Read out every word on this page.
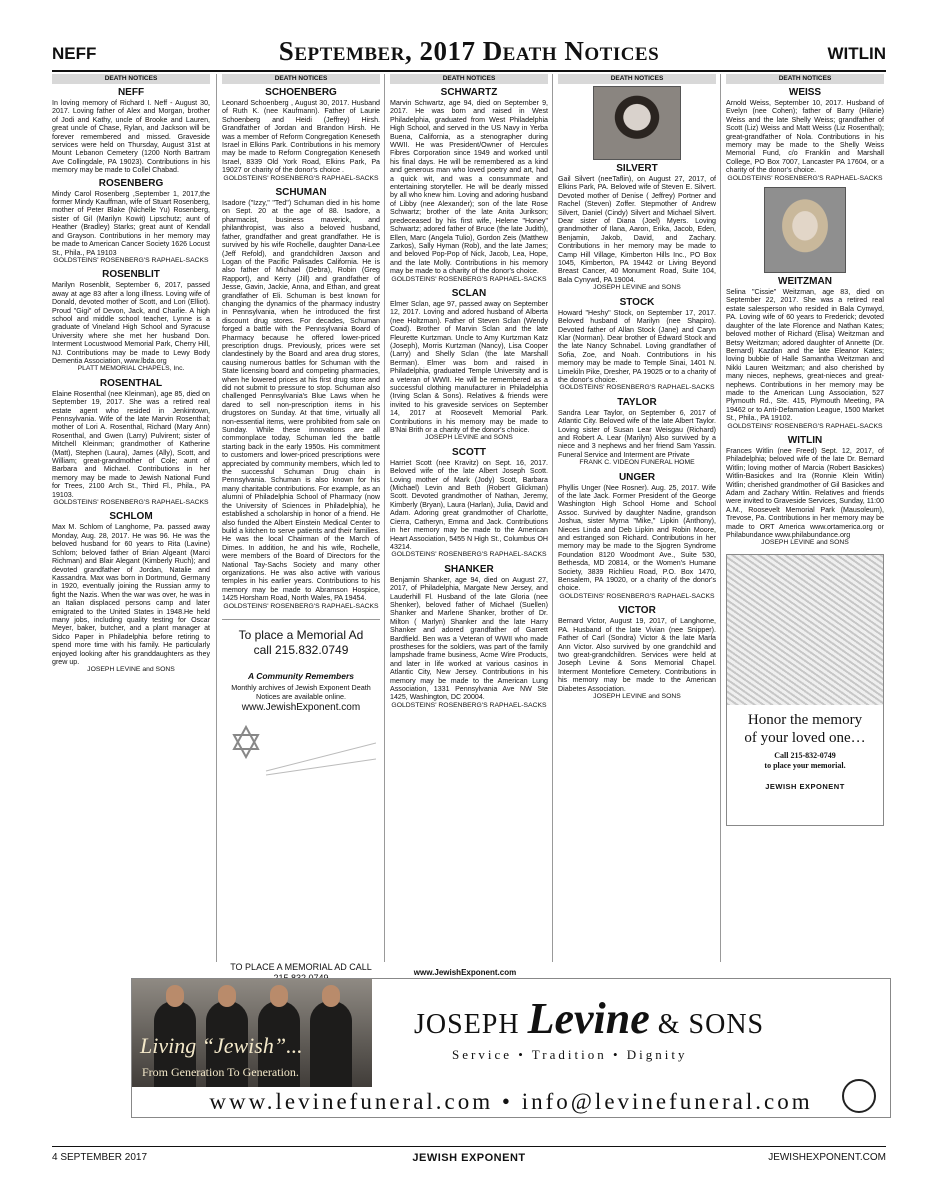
NEFF	September, 2017 Death Notices	WITLIN
DEATH NOTICES
NEFF

In loving memory of Richard I. Neff - August 30, 2017. Loving father of Alex and Morgan, brother of Jodi and Kathy, uncle of Brooke and Lauren, great uncle of Chase, Rylan, and Jackson will be forever remembered and missed. Graveside services were held on Thursday, August 31st at Mount Lebanon Cemetery (1200 North Bartram Ave Collingdale, PA 19023). Contributions in his memory may be made to Collel Chabad.

ROSENBERG

Mindy Carol Rosenberg ,September 1, 2017,the former Mindy Kauffman, wife of Stuart Rosenberg, mother of Peter Blake (Nichelle Yu) Rosenberg, sister of Gil (Marilyn Kowit) Lipschutz; aunt of Heather (Bradley) Starks; great aunt of Kendall and Grayson. Contributions in her memory may be made to American Cancer Society 1626 Locust St., Phila., PA 19103

GOLDSTEINS' ROSENBERG'S RAPHAEL-SACKS

ROSENBLIT

Marilyn Rosenblit, September 6, 2017, passed away at age 83 after a long illness. Loving wife of Donald, devoted mother of Scott, and Lori (Elliot). Proud "Gigi" of Devon, Jack, and Charlie. A high school and middle school teacher, Lynne is a graduate of Vineland High School and Syracuse University where she met her husband Don. Interment Locustwood Memorial Park, Cherry Hill, NJ. Contributions may be made to Lewy Body Dementia Association, www.lbda.org

PLATT MEMORIAL CHAPELS, Inc.

ROSENTHAL

Elaine Rosenthal (nee Kleinman), age 85, died on September 19, 2017. She was a retired real estate agent who resided in Jenkintown, Pennsylvania. Wife of the late Marvin Rosenthal; mother of Lori A. Rosenthal, Richard (Mary Ann) Rosenthal, and Gwen (Larry) Pulvirent; sister of Mitchell Kleinman; grandmother of Katherine (Matt), Stephen (Laura), James (Ally), Scott, and William; great-grandmother of Cole; aunt of Barbara and Michael. Contributions in her memory may be made to Jewish National Fund for Trees, 2100 Arch St., Third Fl., Phila., PA 19103.

GOLDSTEINS' ROSENBERG'S RAPHAEL-SACKS

SCHLOM

Max M. Schlom of Langhorne, Pa. passed away Monday, Aug. 28, 2017. He was 96. He was the beloved husband for 60 years to Rita (Lavine) Schlom; beloved father of Brian Algeant (Marci Richman) and Blair Alegant (Kimberly Ruch); and devoted grandfather of Jordan, Natalie and Kassandra. Max was born in Dortmund, Germany in 1920, eventually joining the Russian army to fight the Nazis. When the war was over, he was in an Italian displaced persons camp and later emigrated to the United States in 1948.He held many jobs, including quality testing for Oscar Meyer, baker, butcher, and a plant manager at Sidco Paper in Philadelphia before retiring to spend more time with his family. He particularly enjoyed looking after his granddaughters as they grew up.

JOSEPH LEVINE and SONS

DEATH NOTICES
SCHOENBERG

Leonard Schoenberg , August 30, 2017. Husband of Ruth K. (nee Kaufmann). Father of Laurie Schoenberg and Heidi (Jeffrey) Hirsh. Grandfather of Jordan and Brandon Hirsh. He was a member of Reform Congregation Keneseth Israel in Elkins Park. Contributions in his memory may be made to Reform Congregation Keneseth Israel, 8339 Old York Road, Elkins Park, Pa 19027 or charity of the donor's choice .

GOLDSTEINS' ROSENBERG'S RAPHAEL-SACKS

SCHUMAN

Isadore ("Izzy," "Ted") Schuman died in his home on Sept. 20 at the age of 88. Isadore, a pharmacist, business maverick, and philanthropist, was also a beloved husband, father, grandfather and great grandfather. He is survived by his wife Rochelle, daughter Dana-Lee (Jeff Refold), and grandchildren Jaxson and Logan of the Pacific Palisades California. He is also father of Michael (Debra), Robin (Greg Rapport), and Kerry (Jill) and grandfather of Jesse, Gavin, Jackie, Anna, and Ethan, and great grandfather of Eli. Schuman is best known for changing the dynamics of the pharmacy industry in Pennsylvania, when he introduced the first discount drug stores. For decades, Schuman forged a battle with the Pennsylvania Board of Pharmacy because he offered lower-priced prescription drugs. Previously, prices were set clandestinely by the Board and area drug stores, causing numerous battles for Schuman with the State licensing board and competing pharmacies, when he lowered prices at his first drug store and did not submit to pressure to stop. Schuman also challenged Pennsylvania's Blue Laws when he dared to sell non-prescription items in his drugstores on Sunday. At that time, virtually all non-essential items, were prohibited from sale on Sunday. While these innovations are all commonplace today, Schuman led the battle starting back in the early 1950s. His commitment to customers and lower-priced prescriptions were appreciated by community members, which led to the successful Schuman Drug chain in Pennsylvania. Schuman is also known for his many charitable contributions. For example, as an alumni of Philadelphia School of Pharmacy (now the University of Sciences in Philadelphia), he established a scholarship in honor of a friend. He also funded the Albert Einstein Medical Center to build a kitchen to serve patients and their families. He was the local Chairman of the March of Dimes. In addition, he and his wife, Rochelle, were members of the Board of Directors for the National Tay-Sachs Society and many other organizations. He was also active with various temples in his earlier years. Contributions to his memory may be made to Abramson Hospice, 1425 Horsham Road, North Wales, PA 19454.

GOLDSTEINS' ROSENBERG'S RAPHAEL-SACKS

To place a Memorial Ad
call 215.832.0749
A Community Remembers
Monthly archives of Jewish Exponent Death Notices are available online.
www.JewishExponent.com
DEATH NOTICES
SCHWARTZ

Marvin Schwartz, age 94, died on September 9, 2017. He was born and raised in West Philadelphia, graduated from West Philadelphia High School, and served in the US Navy in Yerba Buena, California, as a stenographer during WWII. He was President/Owner of Hercules Fibres Corporation since 1949 and worked until his final days. He will be remembered as a kind and generous man who loved poetry and art, had a quick wit, and was a consummate and entertaining storyteller. He will be dearly missed by all who knew him. Loving and adoring husband of Libby (nee Alexander); son of the late Rose Schwartz; brother of the late Anita Jurikson; predeceased by his first wife, Helene "Honey" Schwartz; adored father of Bruce (the late Judith), Ellen, Marc (Angela Tulio), Gordon Zeis (Matthew Zarkos), Sally Hyman (Rob), and the late James; and beloved Pop-Pop of Nick, Jacob, Lea, Hope, and the late Molly. Contributions in his memory may be made to a charity of the donor's choice.

GOLDSTEINS' ROSENBERG'S RAPHAEL-SACKS

SCLAN

Elmer Sclan, age 97, passed away on September 12, 2017. Loving and adored husband of Alberta (nee Holtzman). Father of Steven Sclan (Wendy Coad). Brother of Marvin Sclan and the late Fleurette Kurtzman. Uncle to Amy Kurtzman Katz (Joseph), Morris Kurtzman (Nancy), Lisa Cooper (Larry) and Shelly Sclan (the late Marshall Berman). Elmer was born and raised in Philadelphia, graduated Temple University and is a veteran of WWII. He will be remembered as a successful clothing manufacturer in Philadelphia (Irving Sclan & Sons). Relatives & friends were invited to his graveside services on September 14, 2017 at Roosevelt Memorial Park. Contributions in his memory may be made to B'Nai Brith or a charity of the donor's choice.

JOSEPH LEVINE and SONS

SCOTT

Harriet Scott (nee Kravitz) on Sept. 16, 2017. Beloved wife of the late Albert Joseph Scott. Loving mother of Mark (Jody) Scott, Barbara (Michael) Levin and Beth (Robert Glickman) Scott. Devoted grandmother of Nathan, Jeremy, Kimberly (Bryan), Laura (Harlan), Julia, David and Adam. Adoring great grandmother of Charlotte, Cierra, Catheryn, Emma and Jack. Contributions in her memory may be made to the American Heart Association, 5455 N High St., Columbus OH 43214.

GOLDSTEINS' ROSENBERG'S RAPHAEL-SACKS

SHANKER

Benjamin Shanker, age 94, died on August 27, 2017, of Philadelphia, Margate New Jersey, and Lauderhill Fl. Husband of the late Gloria (nee Shenker), beloved father of Michael (Suellen) Shanker and Marlene Shanker, brother of Dr. Milton ( Marlyn) Shanker and the late Harry Shanker and adored grandfather of Garrett Bardfield. Ben was a Veteran of WWII who made prostheses for the soldiers, was part of the family lampshade frame business, Acme Wire Products, and later in life worked at various casinos in Atlantic City, New Jersey. Contributions in his memory may be made to the American Lung Association, 1331 Pennsylvania Ave NW Ste 1425, Washington, DC 20004.

GOLDSTEINS' ROSENBERG'S RAPHAEL-SACKS

DEATH NOTICES
SILVERT

Gail Silvert (neeTaflin), on August 27, 2017, of Elkins Park, PA. Beloved wife of Steven E. Silvert. Devoted mother of Denise ( Jeffrey) Portner and Rachel (Steven) Zoffer. Stepmother of Andrew Silvert, Daniel (Cindy) Silvert and Michael Silvert. Dear sister of Diana (Joel) Myers. Loving grandmother of Ilana, Aaron, Erika, Jacob, Eden, Benjamin, Jakob, David, and Zachary. Contributions in her memory may be made to Camp Hill Village, Kimberton Hills Inc., PO Box 1045, Kimberton, PA 19442 or Living Beyond Breast Cancer, 40 Monument Road, Suite 104, Bala Cynywd, PA 19004.

JOSEPH LEVINE and SONS

STOCK

Howard "Heshy" Stock, on September 17, 2017. Beloved husband of Marilyn (nee Shapiro). Devoted father of Allan Stock (Jane) and Caryn Klar (Norman). Dear brother of Edward Stock and the late Nancy Schnabel. Loving grandfather of Sofia, Zoe, and Noah. Contributions in his memory may be made to Temple Sinai, 1401 N. Limekiln Pike, Dresher, PA 19025 or to a charity of the donor's choice.

GOLDSTEINS' ROSENBERG'S RAPHAEL-SACKS

TAYLOR

Sandra Lear Taylor, on September 6, 2017 of Atlantic City. Beloved wife of the late Albert Taylor. Loving sister of Susan Lear Weisgau (Richard) and Robert A. Lear (Marilyn) Also survived by a niece and 3 nephews and her friend Sam Yassin. Funeral Service and Interment are Private

FRANK C. VIDEON FUNERAL HOME

UNGER

Phyllis Unger (Nee Rosner). Aug. 25, 2017. Wife of the late Jack. Former President of the George Washington High School Home and School Assoc. Survived by daughter Nadine, grandson Joshua, sister Myrna "Mike," Lipkin (Anthony), Nieces Linda and Deb Lipkin and Robin Moore, and estranged son Richard. Contributions in her memory may be made to the Sjogren Syndrome Foundation 8120 Woodmont Ave., Suite 530, Bethesda, MD 20814, or the Women's Humane Society, 3839 Richlieu Road, P.O. Box 1470, Bensalem, PA 19020, or a charity of the donor's choice.

GOLDSTEINS' ROSENBERG'S RAPHAEL-SACKS

VICTOR

Bernard Victor, August 19, 2017, of Langhorne, PA. Husband of the late Vivian (nee Snipper). Father of Carl (Sondra) Victor & the late Marla Ann Victor. Also survived by one grandchild and two great-grandchildren. Services were held at Joseph Levine & Sons Memorial Chapel. Interment Montefiore Cemetery. Contributions in his memory may be made to the American Diabetes Association.

JOSEPH LEVINE and SONS

DEATH NOTICES
WEISS

Arnold Weiss, September 10, 2017. Husband of Evelyn (nee Cohen); father of Barry (Hilarie) Weiss and the late Shelly Weiss; grandfather of Scott (Liz) Weiss and Matt Weiss (Liz Rosenthal); great-grandfather of Nola. Contributions in his memory may be made to the Shelly Weiss Memorial Fund, c/o Franklin and Marshall College, PO Box 7007, Lancaster PA 17604, or a charity of the donor's choice.

GOLDSTEINS' ROSENBERG'S RAPHAEL-SACKS

WEITZMAN

Selina "Cissie" Weitzman, age 83, died on September 22, 2017. She was a retired real estate salesperson who resided in Bala Cynwyd, PA. Loving wife of 60 years to Frederick; devoted daughter of the late Florence and Nathan Kates; beloved mother of Richard (Elisa) Weitzman and Betsy Weitzman; adored daughter of Annette (Dr. Bernard) Kazdan and the late Eleanor Kates; loving bubbie of Halle Samantha Weitzman and Nikki Lauren Weitzman; and also cherished by many nieces, nephews, great-nieces and great-nephews. Contributions in her memory may be made to the American Lung Association, 527 Plymouth Rd., Ste. 415, Plymouth Meeting, PA 19462 or to Anti-Defamation League, 1500 Market St., Phila., PA 19102.

GOLDSTEINS' ROSENBERG'S RAPHAEL-SACKS

WITLIN

Frances Witlin (nee Freed) Sept. 12, 2017, of Philadelphia; beloved wife of the late Dr. Bernard Witlin; loving mother of Marcia (Robert Basickes) Witlin-Basickes and Ira (Ronnie Klein Witlin) Witlin; cherished grandmother of Gil Basickes and Adam and Zachary Witlin. Relatives and friends were invited to Graveside Services, Sunday, 11:00 A.M., Roosevelt Memorial Park (Mausoleum), Trevose, Pa. Contributions in her memory may be made to ORT America www.ortamerica.org or Philabundance www.philabundance.org

JOSEPH LEVINE and SONS

Honor the memory
of your loved one…
Call 215-832-0749
to place your memorial.
JEWISH EXPONENT
TO PLACE A MEMORIAL AD CALL
www.JewishExponent.com
Living “Jewish”...
From Generation To Generation.
JOSEPH Levine & SONS
Service • Tradition • Dignity
www.levinefuneral.com • info@levinefuneral.com
4 SEPTEMBER 2017	JEWISH EXPONENT	JEWISHEXPONENT.COM
